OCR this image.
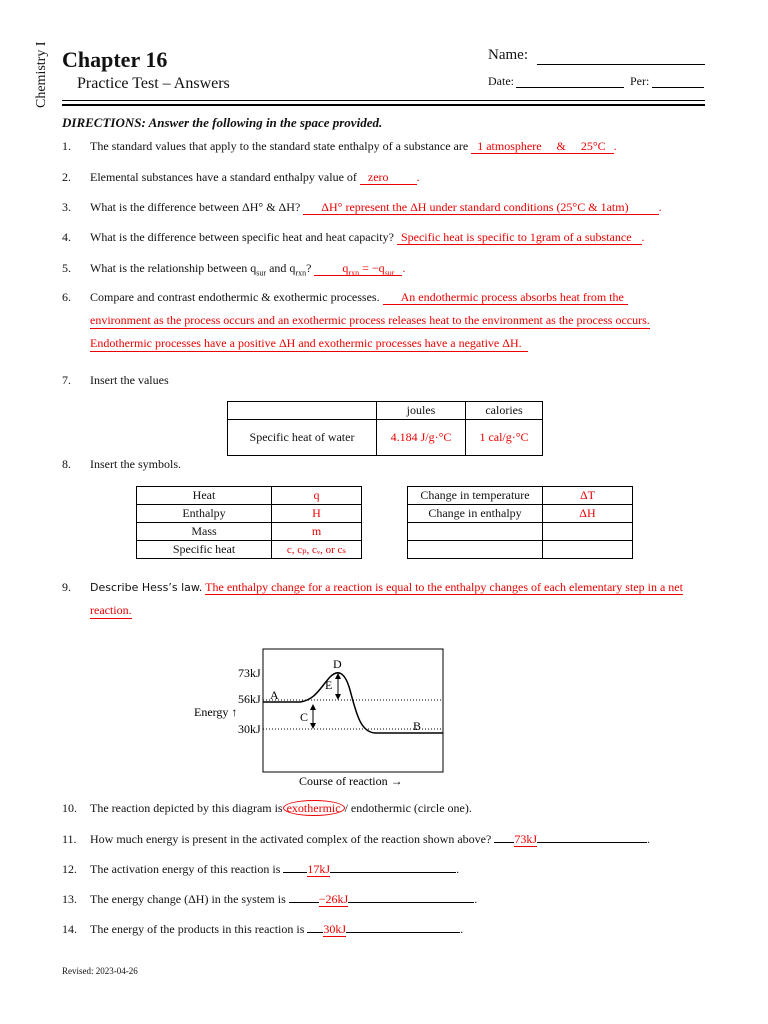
Chemistry I Chapter 16
Practice Test – Answers
Name:
Date:	Per:
DIRECTIONS: Answer the following in the space provided.
1. The standard values that apply to the standard state enthalpy of a substance are 1 atmosphere     &     25°C .
2. Elemental substances have a standard enthalpy value of zero .
3. What is the difference between ΔH° & ΔH? ΔH° represent the ΔH under standard conditions (25°C & 1atm)	.
4. What is the difference between specific heat and heat capacity? Specific heat is specific to 1gram of a substance .
5. What is the relationship between $q_{sur}$ and $q_{rxn}$?	$q_{rxn} = -q_{sur}$ .
6. Compare and contrast endothermic & exothermic processes. An endothermic process absorbs heat from the
environment as the process occurs and an exothermic process releases heat to the environment as the process occurs.
Endothermic processes have a positive ΔH and exothermic processes have a negative ΔH.
7. Insert the values
	joules	calories
Specific heat of water	4.184 J/g·°C	1 cal/g·°C
8. Insert the symbols.
Heat	q
Enthalpy	H
Mass	m
Specific heat	c, cₚ, cᵥ, or cₛ
Change in temperature	ΔT
Change in enthalpy	ΔH

9. Describe Hess’s law. The enthalpy change for a reaction is equal to the enthalpy changes of each elementary step in a net
reaction.
73kJ
56kJ
30kJ
Energy ↑
Course of reaction →
A
B
C
D
E
10. The reaction depicted by this diagram is exothermic / endothermic (circle one).
11. How much energy is present in the activated complex of the reaction shown above? 73kJ	.
12. The activation energy of this reaction is 17kJ	.
13. The energy change (ΔH) in the system is	−26kJ	.
14. The energy of the products in this reaction is 30kJ	.
Revised: 2023-04-26
